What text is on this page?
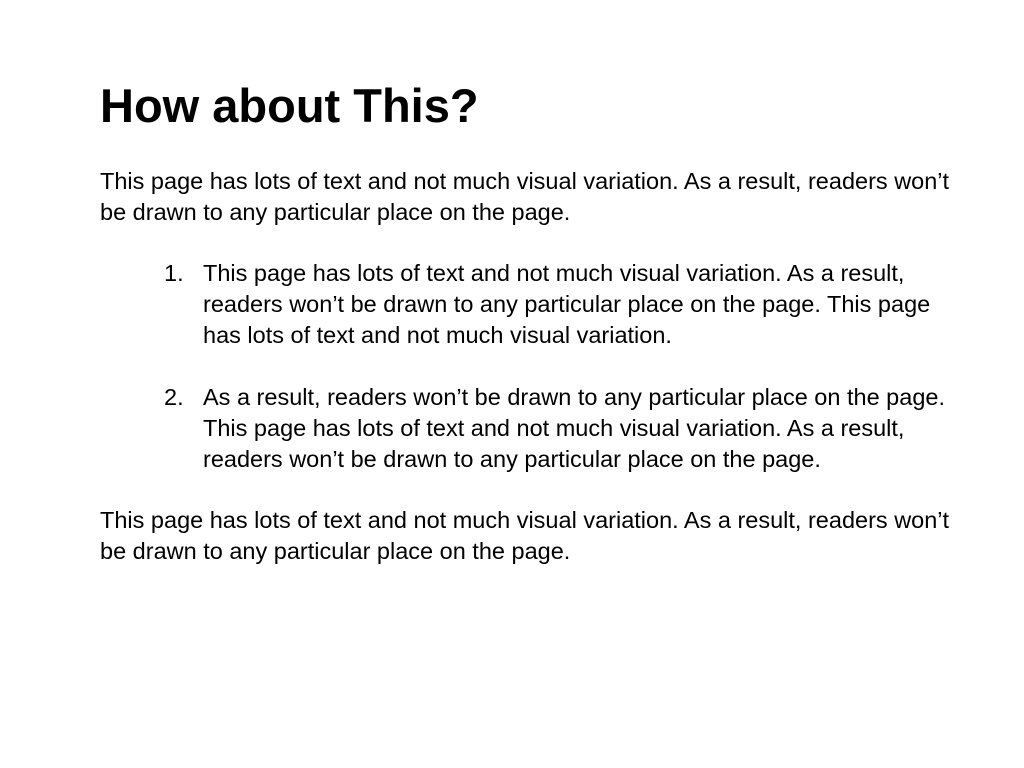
How about This?

This page has lots of text and not much visual variation. As a result, readers won’t be drawn to any particular place on the page.

1. This page has lots of text and not much visual variation. As a result, readers won’t be drawn to any particular place on the page. This page has lots of text and not much visual variation.
2. As a result, readers won’t be drawn to any particular place on the page. This page has lots of text and not much visual variation. As a result, readers won’t be drawn to any particular place on the page.

This page has lots of text and not much visual variation. As a result, readers won’t be drawn to any particular place on the page.
